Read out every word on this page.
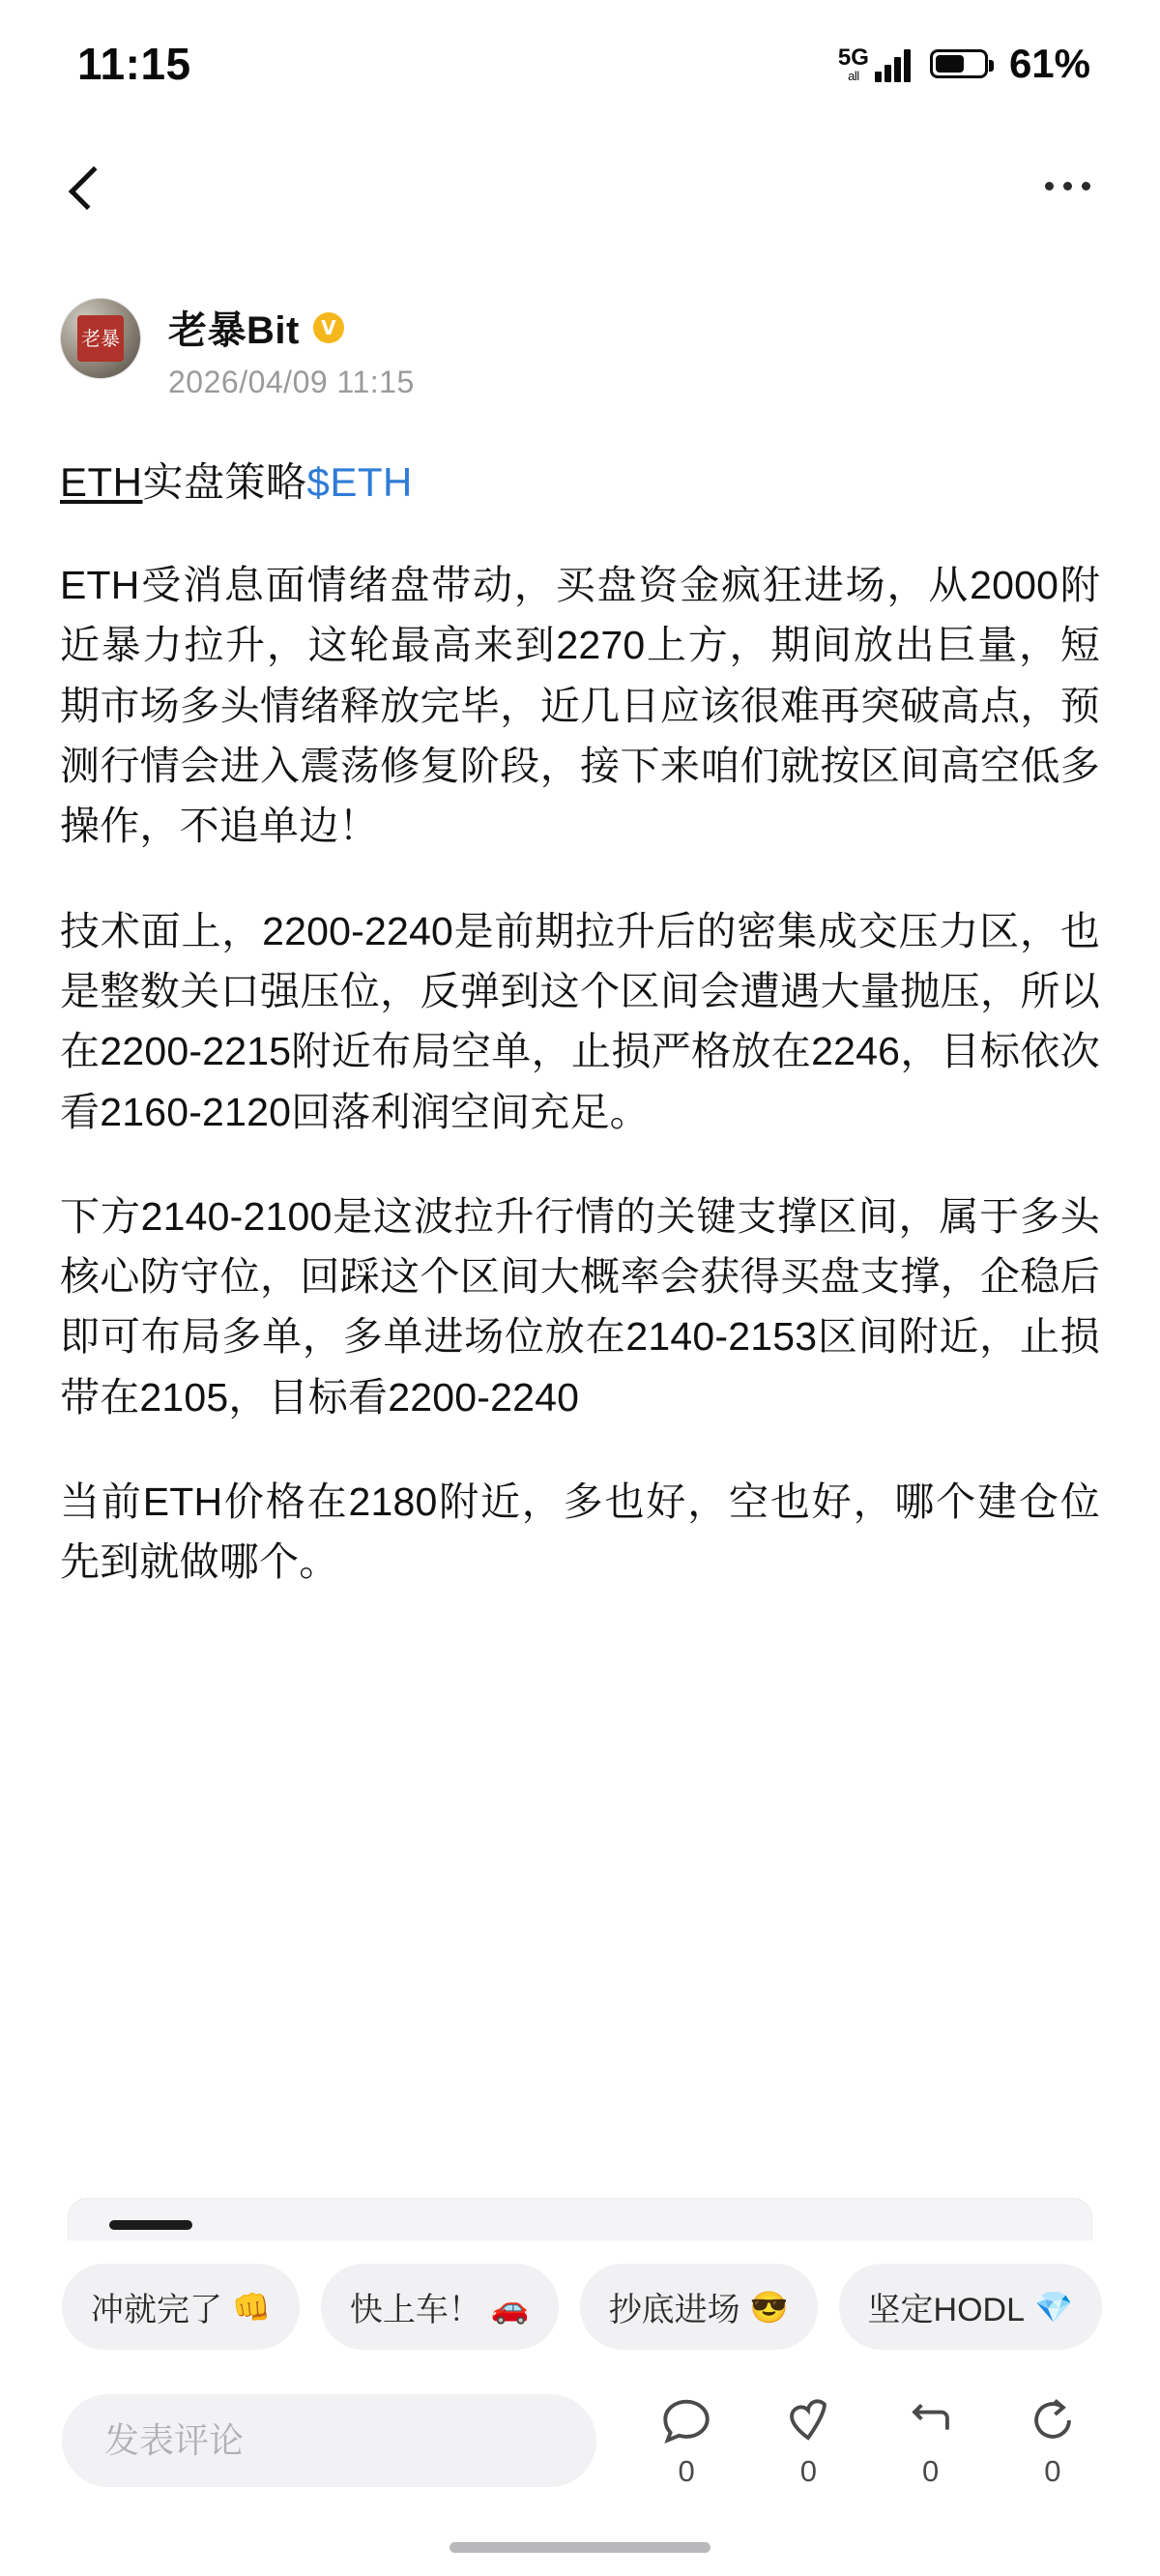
11:15	5G
all	61%
老暴 老暴Bit	V
2026/04/09 11:15
ETH实盘策略$ETH

ETH受消息面情绪盘带动，买盘资金疯狂进场，从2000附近暴力拉升，这轮最高来到2270上方，期间放出巨量，短期市场多头情绪释放完毕，近几日应该很难再突破高点，预测行情会进入震荡修复阶段，接下来咱们就按区间高空低多操作，不追单边！

技术面上，2200-2240是前期拉升后的密集成交压力区，也是整数关口强压位，反弹到这个区间会遭遇大量抛压，所以在2200-2215附近布局空单，止损严格放在2246，目标依次看2160-2120回落利润空间充足。

下方2140-2100是这波拉升行情的关键支撑区间，属于多头核心防守位，回踩这个区间大概率会获得买盘支撑，企稳后即可布局多单，多单进场位放在2140-2153区间附近，止损带在2105，目标看2200-2240

当前ETH价格在2180附近，多也好，空也好，哪个建仓位先到就做哪个。

冲就完了 👊 快上车！ 🚗 抄底进场 😎 坚定HODL 💎
发表评论
0	0	0	0
